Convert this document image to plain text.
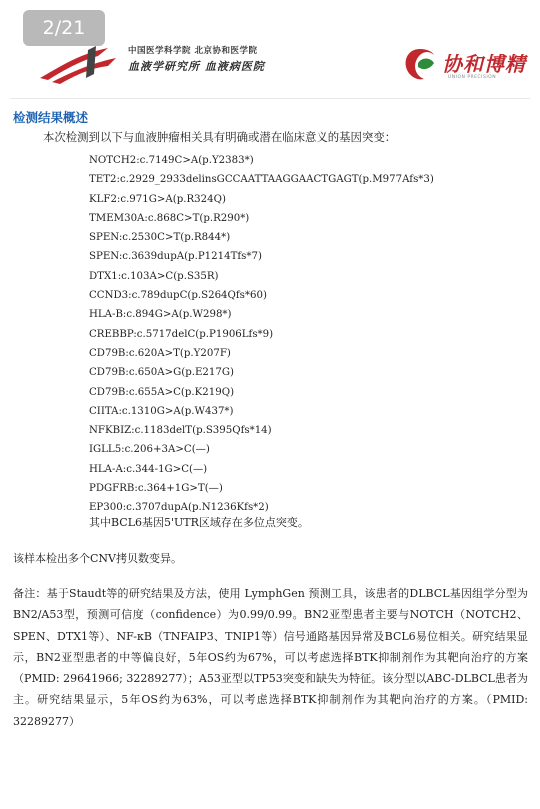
2/21
中国医学科学院 北京协和医学院
血液学研究所 血液病医院	协和博精
UNION PRECISION
检测结果概述
本次检测到以下与血液肿瘤相关具有明确或潜在临床意义的基因突变：
NOTCH2:c.7149C>A(p.Y2383*)
TET2:c.2929_2933delinsGCCAATTAAGGAACTGAGT(p.M977Afs*3)
KLF2:c.971G>A(p.R324Q)
TMEM30A:c.868C>T(p.R290*)
SPEN:c.2530C>T(p.R844*)
SPEN:c.3639dupA(p.P1214Tfs*7)
DTX1:c.103A>C(p.S35R)
CCND3:c.789dupC(p.S264Qfs*60)
HLA-B:c.894G>A(p.W298*)
CREBBP:c.5717delC(p.P1906Lfs*9)
CD79B:c.620A>T(p.Y207F)
CD79B:c.650A>G(p.E217G)
CD79B:c.655A>C(p.K219Q)
CIITA:c.1310G>A(p.W437*)
NFKBIZ:c.1183delT(p.S395Qfs*14)
IGLL5:c.206+3A>C(—)
HLA-A:c.344-1G>C(—)
PDGFRB:c.364+1G>T(—)
EP300:c.3707dupA(p.N1236Kfs*2)
其中BCL6基因5'UTR区域存在多位点突变。
该样本检出多个CNV拷贝数变异。
备注：基于Staudt等的研究结果及方法，使用 LymphGen 预测工具，该患者的DLBCL基因组学分型为BN2/A53型，预测可信度（confidence）为0.99/0.99。BN2亚型患者主要与NOTCH（NOTCH2、SPEN、DTX1等）、NF-κB（TNFAIP3、TNIP1等）信号通路基因异常及BCL6易位相关。研究结果显示，BN2亚型患者的中等偏良好，5年OS约为67%，可以考虑选择BTK抑制剂作为其靶向治疗的方案（PMID: 29641966; 32289277）；A53亚型以TP53突变和缺失为特征。该分型以ABC-DLBCL患者为主。研究结果显示，5年OS约为63%，可以考虑选择BTK抑制剂作为其靶向治疗的方案。（PMID: 32289277）
